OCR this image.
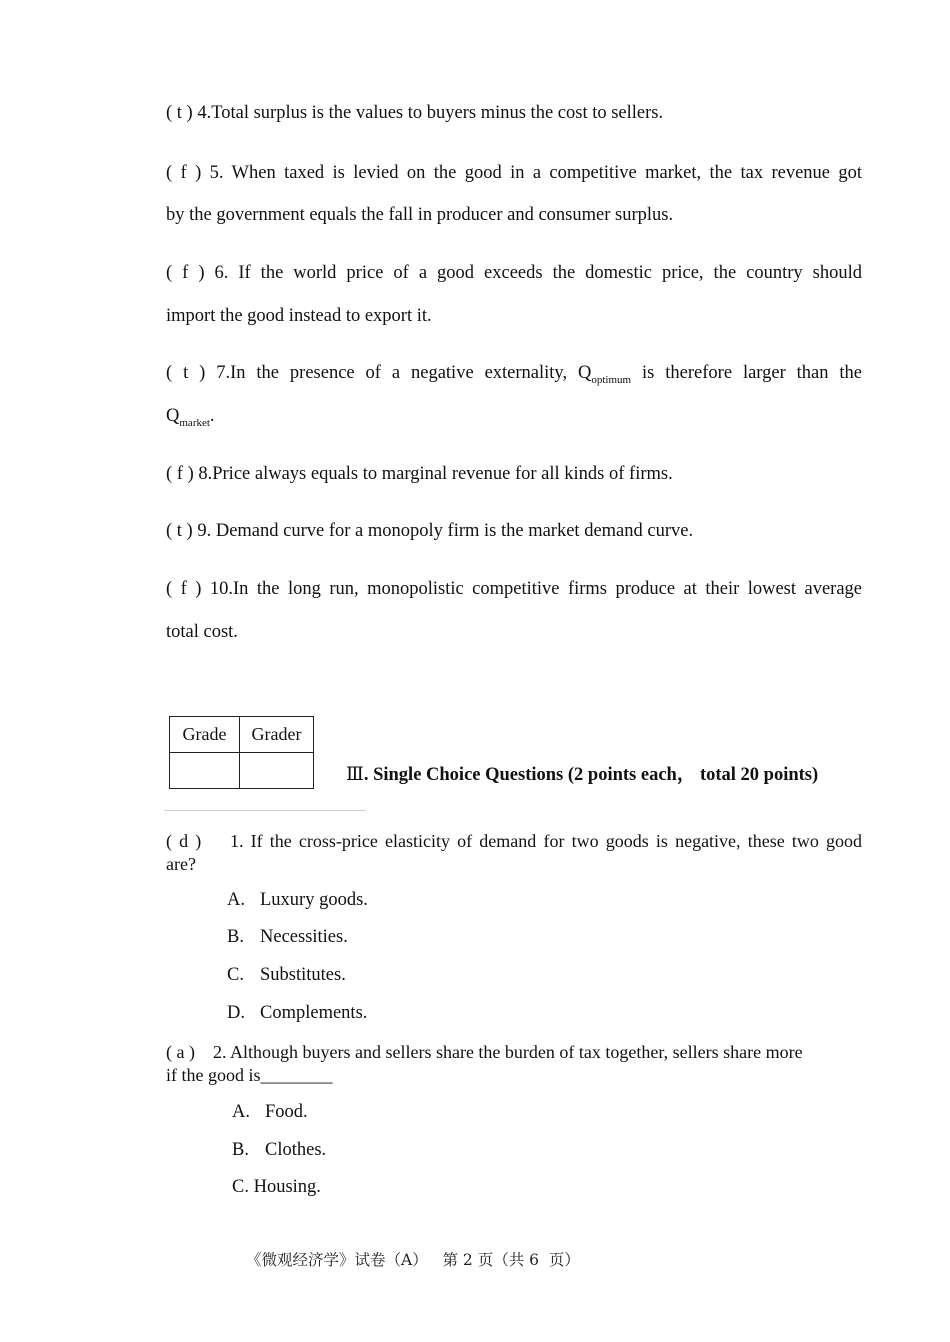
( t ) 4.Total surplus is the values to buyers minus the cost to sellers.
( f ) 5. When taxed is levied on the good in a competitive market, the tax revenue got
by the government equals the fall in producer and consumer surplus.
( f ) 6. If the world price of a good exceeds the domestic price, the country should
import the good instead to export it.
( t ) 7.In the presence of a negative externality, $Q_{optimum}$ is therefore larger than the
$Q_{market}$.
( f ) 8.Price always equals to marginal revenue for all kinds of firms.
( t ) 9. Demand curve for a monopoly firm is the market demand curve.
( f ) 10.In the long run, monopolistic competitive firms produce at their lowest average
total cost.
Grade	Grader

Ⅲ. Single Choice Questions (2 points each， total 20 points)
( d ) 1. If the cross-price elasticity of demand for two goods is negative, these two good
are?
A. Luxury goods.
B. Necessities.
C. Substitutes.
D. Complements.
( a ) 2. Although buyers and sellers share the burden of tax together, sellers share more
if the good is________
A. Food.
B. Clothes.
C. Housing.
《微观经济学》试卷（A）   第 2 页（共 6  页）
